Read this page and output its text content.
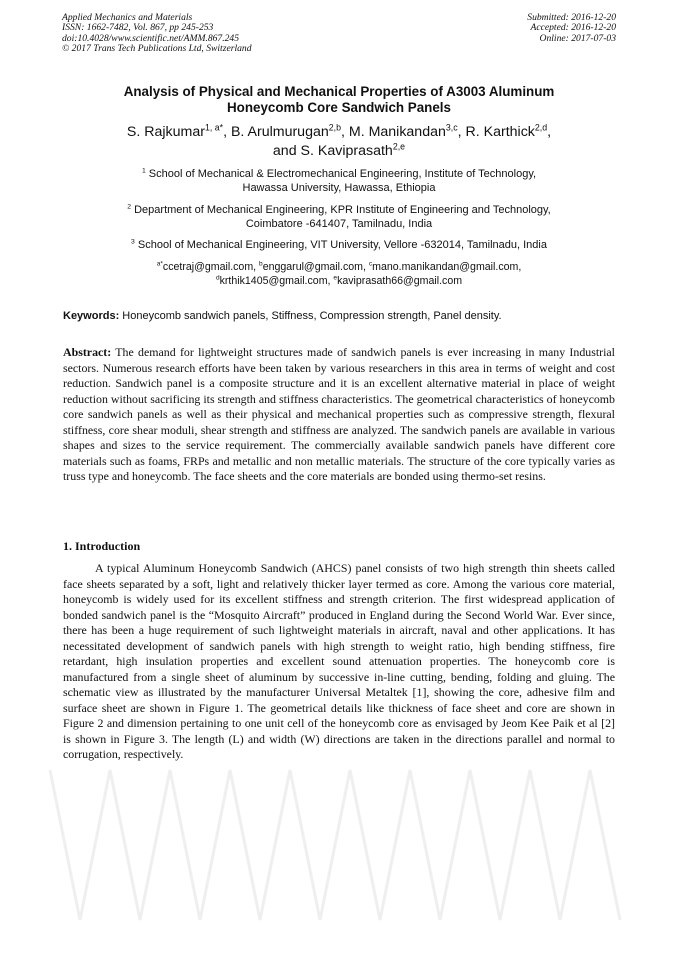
Applied Mechanics and Materials
ISSN: 1662-7482, Vol. 867, pp 245-253
doi:10.4028/www.scientific.net/AMM.867.245
© 2017 Trans Tech Publications Ltd, Switzerland
Submitted: 2016-12-20
Accepted: 2016-12-20
Online: 2017-07-03
Analysis of Physical and Mechanical Properties of A3003 Aluminum
Honeycomb Core Sandwich Panels
S. Rajkumar$^{1, a*}$, B. Arulmurugan$^{2,b}$, M. Manikandan$^{3,c}$, R. Karthick$^{2,d}$,
and S. Kaviprasath$^{2,e}$
$^1$ School of Mechanical & Electromechanical Engineering, Institute of Technology,
Hawassa University, Hawassa, Ethiopia
$^2$ Department of Mechanical Engineering, KPR Institute of Engineering and Technology,
Coimbatore -641407, Tamilnadu, India
$^3$ School of Mechanical Engineering, VIT University, Vellore -632014, Tamilnadu, India
$^{a*}$ccetraj@gmail.com, $^b$enggarul@gmail.com, $^c$mano.manikandan@gmail.com,
$^d$krthik1405@gmail.com, $^e$kaviprasath66@gmail.com
Keywords: Honeycomb sandwich panels, Stiffness, Compression strength, Panel density.
Abstract: The demand for lightweight structures made of sandwich panels is ever increasing in many Industrial sectors. Numerous research efforts have been taken by various researchers in this area in terms of weight and cost reduction. Sandwich panel is a composite structure and it is an excellent alternative material in place of weight reduction without sacrificing its strength and stiffness characteristics. The geometrical characteristics of honeycomb core sandwich panels as well as their physical and mechanical properties such as compressive strength, flexural stiffness, core shear moduli, shear strength and stiffness are analyzed. The sandwich panels are available in various shapes and sizes to the service requirement. The commercially available sandwich panels have different core materials such as foams, FRPs and metallic and non metallic materials. The structure of the core typically varies as truss type and honeycomb. The face sheets and the core materials are bonded using thermo-set resins.
1. Introduction
A typical Aluminum Honeycomb Sandwich (AHCS) panel consists of two high strength thin sheets called face sheets separated by a soft, light and relatively thicker layer termed as core. Among the various core material, honeycomb is widely used for its excellent stiffness and strength criterion. The first widespread application of bonded sandwich panel is the “Mosquito Aircraft” produced in England during the Second World War. Ever since, there has been a huge requirement of such lightweight materials in aircraft, naval and other applications. It has necessitated development of sandwich panels with high strength to weight ratio, high bending stiffness, fire retardant, high insulation properties and excellent sound attenuation properties. The honeycomb core is manufactured from a single sheet of aluminum by successive in-line cutting, bending, folding and gluing. The schematic view as illustrated by the manufacturer Universal Metaltek [1], showing the core, adhesive film and surface sheet are shown in Figure 1. The geometrical details like thickness of face sheet and core are shown in Figure 2 and dimension pertaining to one unit cell of the honeycomb core as envisaged by Jeom Kee Paik et al [2] is shown in Figure 3. The length (L) and width (W) directions are taken in the directions parallel and normal to corrugation, respectively.
